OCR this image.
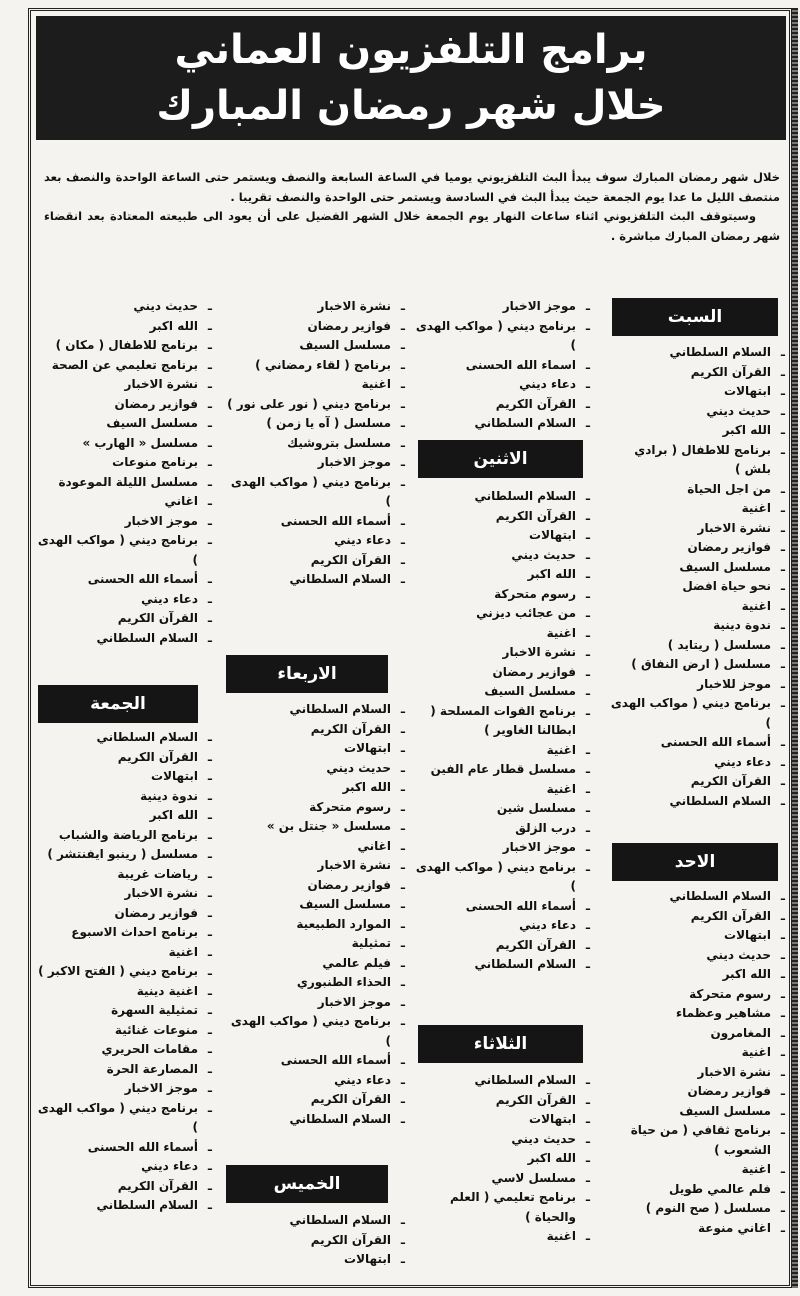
برامج التلفزيون العماني
خلال شهر رمضان المبارك

خلال شهر رمضان المبارك سوف يبدأ البث التلفزيوني يوميا في الساعة السابعة والنصف ويستمر حتى الساعة الواحدة والنصف بعد منتصف الليل ما عدا يوم الجمعة حيث يبدأ البث في السادسة ويستمر حتى الواحدة والنصف تقريبا .

وسيتوقف البث التلفزيوني اثناء ساعات النهار يوم الجمعة خلال الشهر الفضيل على أن يعود الى طبيعته المعتادة بعد انقضاء شهر رمضان المبارك مباشرة .

السبت
ـ السلام السلطاني
ـ القرآن الكريم
ـ ابتهالات
ـ حديث ديني
ـ الله اكبر
ـ برنامج للاطفال ( برادي بلش )
ـ من اجل الحياة
ـ اغنية
ـ نشرة الاخبار
ـ فوازير رمضان
ـ مسلسل السيف
ـ نحو حياة افضل
ـ اغنية
ـ ندوة دينية
ـ مسلسل ( ريتايد )
ـ مسلسل ( ارض النفاق )
ـ موجز للاخبار
ـ برنامج ديني ( مواكب الهدى )
ـ أسماء الله الحسنى
ـ دعاء ديني
ـ القرآن الكريم
ـ السلام السلطاني
الاحد
ـ السلام السلطاني
ـ القرآن الكريم
ـ ابتهالات
ـ حديث ديني
ـ الله اكبر
ـ رسوم متحركة
ـ مشاهير وعظماء
ـ المغامرون
ـ اغنية
ـ نشرة الاخبار
ـ فوازير رمضان
ـ مسلسل السيف
ـ برنامج ثقافي ( من حياة الشعوب )
ـ اغنية
ـ فلم عالمي طويل
ـ مسلسل ( صح النوم )
ـ اغاني منوعة
ـ موجز الاخبار
ـ برنامج ديني ( مواكب الهدى )
ـ اسماء الله الحسنى
ـ دعاء ديني
ـ القرآن الكريم
ـ السلام السلطاني
الاثنين
ـ السلام السلطاني
ـ القرآن الكريم
ـ ابتهالات
ـ حديث ديني
ـ الله اكبر
ـ رسوم متحركة
ـ من عجائب ديزني
ـ اغنية
ـ نشرة الاخبار
ـ فوازير رمضان
ـ مسلسل السيف
ـ برنامج القوات المسلحة ( ابطالنا الغاوير )
ـ اغنية
ـ مسلسل قطار عام الفين
ـ اغنية
ـ مسلسل شين
ـ درب الزلق
ـ موجز الاخبار
ـ برنامج ديني ( مواكب الهدى )
ـ أسماء الله الحسنى
ـ دعاء ديني
ـ القرآن الكريم
ـ السلام السلطاني
الثلاثاء
ـ السلام السلطاني
ـ القرآن الكريم
ـ ابتهالات
ـ حديث ديني
ـ الله اكبر
ـ مسلسل لاسي
ـ برنامج تعليمي ( العلم والحياة )
ـ اغنية
ـ نشرة الاخبار
ـ فوازير رمضان
ـ مسلسل السيف
ـ برنامج ( لقاء رمضاني )
ـ اغنية
ـ برنامج ديني ( نور على نور )
ـ مسلسل ( آه يا زمن )
ـ مسلسل بتروشيك
ـ موجز الاخبار
ـ برنامج ديني ( مواكب الهدى )
ـ أسماء الله الحسنى
ـ دعاء ديني
ـ القرآن الكريم
ـ السلام السلطاني
الاربعاء
ـ السلام السلطاني
ـ القرآن الكريم
ـ ابتهالات
ـ حديث ديني
ـ الله اكبر
ـ رسوم متحركة
ـ مسلسل « جنتل بن »
ـ اغاني
ـ نشرة الاخبار
ـ فوازير رمضان
ـ مسلسل السيف
ـ الموارد الطبيعية
ـ تمثيلية
ـ فيلم عالمي
ـ الحذاء الطنبوري
ـ موجز الاخبار
ـ برنامج ديني ( مواكب الهدى )
ـ أسماء الله الحسنى
ـ دعاء ديني
ـ القرآن الكريم
ـ السلام السلطاني
الخميس
ـ السلام السلطاني
ـ القرآن الكريم
ـ ابتهالات
ـ حديث ديني
ـ الله اكبر
ـ برنامج للاطفال ( مكان )
ـ برنامج تعليمي عن الصحة
ـ نشرة الاخبار
ـ فوازير رمضان
ـ مسلسل السيف
ـ مسلسل « الهارب »
ـ برنامج منوعات
ـ مسلسل الليلة الموعودة
ـ اغاني
ـ موجز الاخبار
ـ برنامج ديني ( مواكب الهدى )
ـ أسماء الله الحسنى
ـ دعاء ديني
ـ القرآن الكريم
ـ السلام السلطاني
الجمعة
ـ السلام السلطاني
ـ القرآن الكريم
ـ ابتهالات
ـ ندوة دينية
ـ الله اكبر
ـ برنامج الرياضة والشباب
ـ مسلسل ( رينبو ايفنتشر )
ـ رياضات غريبة
ـ نشرة الاخبار
ـ فوازير رمضان
ـ برنامج احداث الاسبوع
ـ اغنية
ـ برنامج ديني ( الفتح الاكبر )
ـ اغنية دينية
ـ تمثيلية السهرة
ـ منوعات غنائية
ـ مقامات الحريري
ـ المصارعة الحرة
ـ موجز الاخبار
ـ برنامج ديني ( مواكب الهدى )
ـ أسماء الله الحسنى
ـ دعاء ديني
ـ القرآن الكريم
ـ السلام السلطاني
